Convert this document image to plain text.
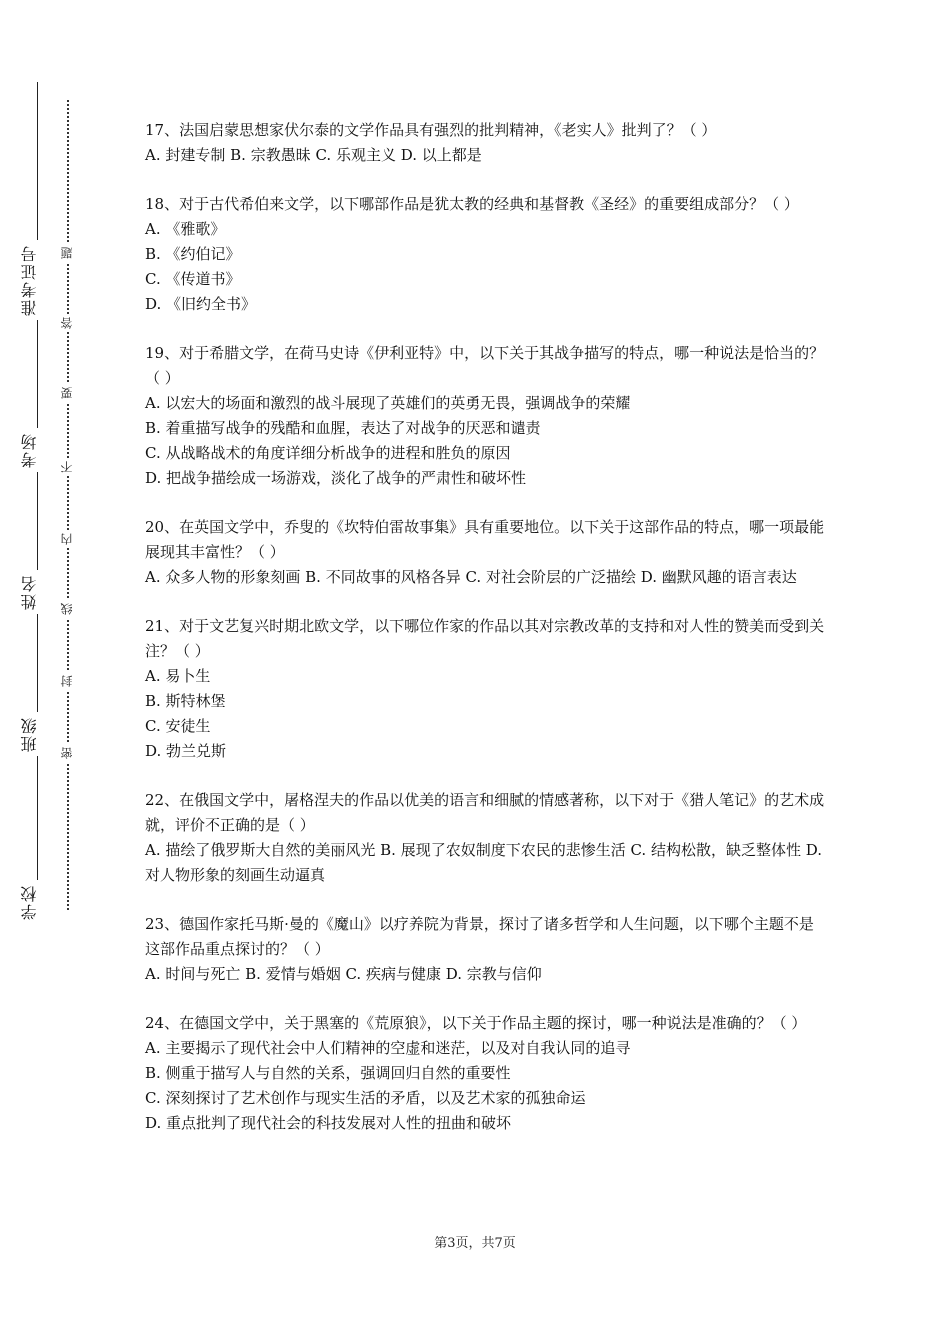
准考证号
考场
姓名
班级
学校
题
答
要
不
内
线
封
密

17、法国启蒙思想家伏尔泰的文学作品具有强烈的批判精神，《老实人》批判了？（ ）

A. 封建专制 B. 宗教愚昧 C. 乐观主义 D. 以上都是

18、对于古代希伯来文学，以下哪部作品是犹太教的经典和基督教《圣经》的重要组成部分？（ ）

A. 《雅歌》

B. 《约伯记》

C. 《传道书》

D. 《旧约全书》

19、对于希腊文学，在荷马史诗《伊利亚特》中，以下关于其战争描写的特点，哪一种说法是恰当的？（ ）

A. 以宏大的场面和激烈的战斗展现了英雄们的英勇无畏，强调战争的荣耀

B. 着重描写战争的残酷和血腥，表达了对战争的厌恶和谴责

C. 从战略战术的角度详细分析战争的进程和胜负的原因

D. 把战争描绘成一场游戏，淡化了战争的严肃性和破坏性

20、在英国文学中，乔叟的《坎特伯雷故事集》具有重要地位。以下关于这部作品的特点，哪一项最能展现其丰富性？（ ）

A. 众多人物的形象刻画 B. 不同故事的风格各异 C. 对社会阶层的广泛描绘 D. 幽默风趣的语言表达

21、对于文艺复兴时期北欧文学，以下哪位作家的作品以其对宗教改革的支持和对人性的赞美而受到关注？（ ）

A. 易卜生

B. 斯特林堡

C. 安徒生

D. 勃兰兑斯

22、在俄国文学中，屠格涅夫的作品以优美的语言和细腻的情感著称，以下对于《猎人笔记》的艺术成就，评价不正确的是（ ）

A. 描绘了俄罗斯大自然的美丽风光 B. 展现了农奴制度下农民的悲惨生活 C. 结构松散，缺乏整体性 D. 对人物形象的刻画生动逼真

23、德国作家托马斯·曼的《魔山》以疗养院为背景，探讨了诸多哲学和人生问题，以下哪个主题不是这部作品重点探讨的？（ ）

A. 时间与死亡 B. 爱情与婚姻 C. 疾病与健康 D. 宗教与信仰

24、在德国文学中，关于黑塞的《荒原狼》，以下关于作品主题的探讨，哪一种说法是准确的？（ ）

A. 主要揭示了现代社会中人们精神的空虚和迷茫，以及对自我认同的追寻

B. 侧重于描写人与自然的关系，强调回归自然的重要性

C. 深刻探讨了艺术创作与现实生活的矛盾，以及艺术家的孤独命运

D. 重点批判了现代社会的科技发展对人性的扭曲和破坏

第3页，共7页
